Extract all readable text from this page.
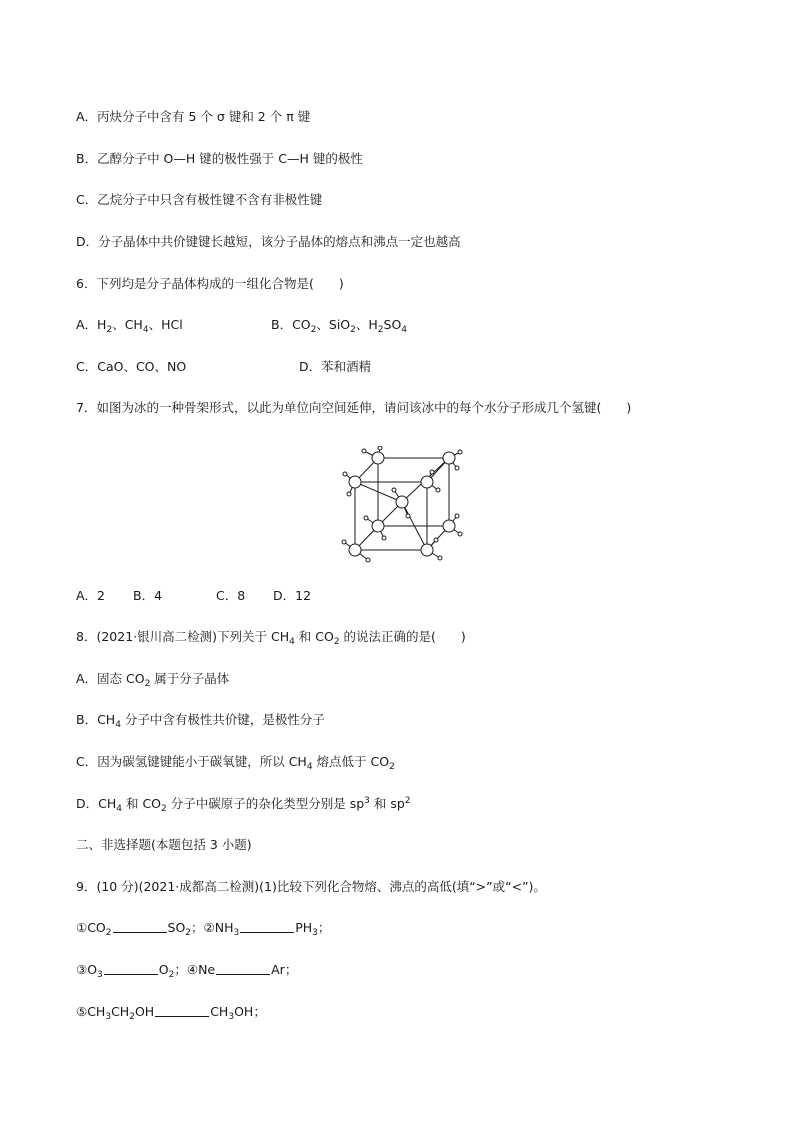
A．丙炔分子中含有 5 个 σ 键和 2 个 π 键
B．乙醇分子中 O—H 键的极性强于 C—H 键的极性
C．乙烷分子中只含有极性键不含有非极性键
D．分子晶体中共价键键长越短，该分子晶体的熔点和沸点一定也越高
6．下列均是分子晶体构成的一组化合物是(　　)
A．$H_2$、$CH_4$、HCl	B．$CO_2$、SiO$_2$、$H_2SO_4$
C．CaO、CO、NO	D．苯和酒精
7．如图为冰的一种骨架形式，以此为单位向空间延伸，请问该冰中的每个水分子形成几个氢键(　　)
A．2 B．4	C．8 D．12
8．(2021·银川高二检测)下列关于 $CH_4$ 和 $CO_2$ 的说法正确的是(　　)
A．固态 $CO_2$ 属于分子晶体
B．$CH_4$ 分子中含有极性共价键，是极性分子
C．因为碳氢键键能小于碳氧键，所以 $CH_4$ 熔点低于 $CO_2$
D．$CH_4$ 和 $CO_2$ 分子中碳原子的杂化类型分别是 $sp^3$ 和 $sp^2$
二、非选择题(本题包括 3 小题)
9．(10 分)(2021·成都高二检测)(1)比较下列化合物熔、沸点的高低(填“>”或“<”)。
$①CO_2$	$SO_2$；$②NH_3$	$PH_3$；
$③O_3$	$O_2$；④Ne	Ar；
$⑤CH_3CH_2OH$	$CH_3OH$；
